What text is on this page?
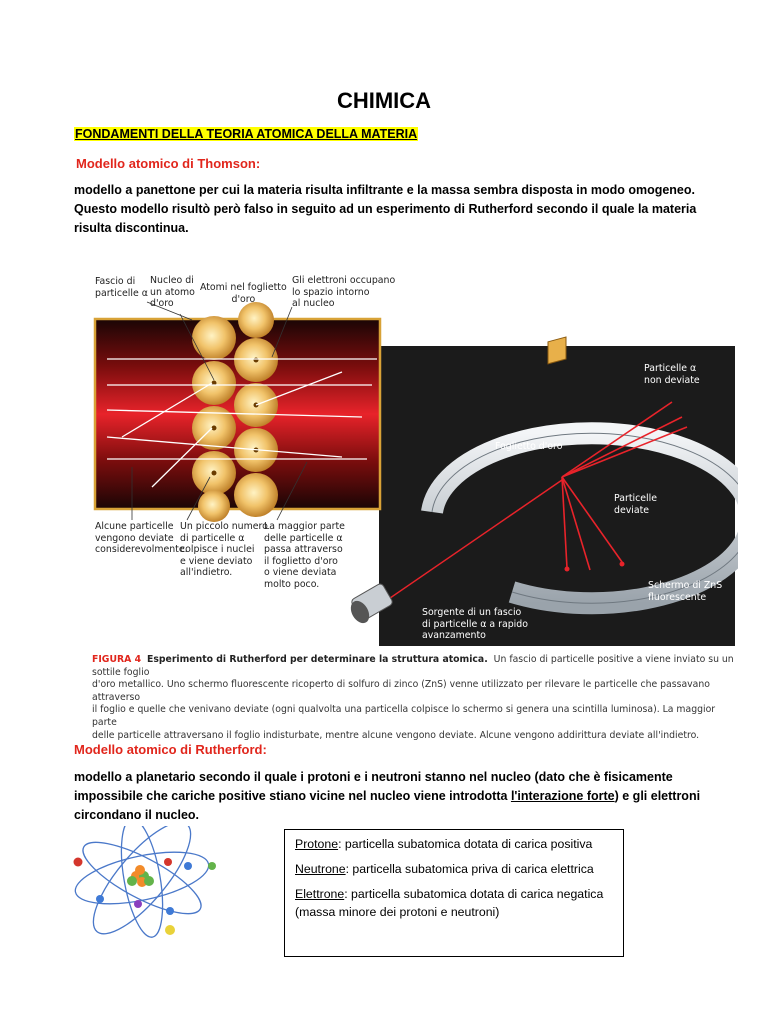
CHIMICA
FONDAMENTI DELLA TEORIA ATOMICA DELLA MATERIA
Modello atomico di Thomson:
modello a panettone per cui la materia risulta infiltrante e la massa sembra disposta in modo omogeneo.
Questo modello risultò però falso in seguito ad un esperimento di Rutherford secondo il quale la materia
risulta discontinua.
Fascio di
particelle α
Nucleo di
un atomo
d'oro
Atomi nel foglietto
d'oro
Gli elettroni occupano
lo spazio intorno
al nucleo
Alcune particelle
vengono deviate
considerevolmente.
Un piccolo numero
di particelle α
colpisce i nuclei
e viene deviato
all'indietro.
La maggior parte
delle particelle α
passa attraverso
il foglietto d'oro
o viene deviata
molto poco.
Particelle α
non deviate
Foglietto d'oro
Particelle
deviate
Schermo di ZnS
fluorescente
Sorgente di un fascio
di particelle α a rapido
avanzamento
FIGURA 4 Esperimento di Rutherford per determinare la struttura atomica. Un fascio di particelle positive a viene inviato su un sottile foglio
d'oro metallico. Uno schermo fluorescente ricoperto di solfuro di zinco (ZnS) venne utilizzato per rilevare le particelle che passavano attraverso
il foglio e quelle che venivano deviate (ogni qualvolta una particella colpisce lo schermo si genera una scintilla luminosa). La maggior parte
delle particelle attraversano il foglio indisturbate, mentre alcune vengono deviate. Alcune vengono addirittura deviate all'indietro.
Modello atomico di Rutherford:
modello a planetario secondo il quale i protoni e i neutroni stanno nel nucleo (dato che è fisicamente
impossibile che cariche positive stiano vicine nel nucleo viene introdotta l'interazione forte) e gli elettroni
circondano il nucleo.
Protone: particella subatomica dotata di carica positiva
Neutrone: particella subatomica priva di carica elettrica
Elettrone: particella subatomica dotata di carica negatica (massa minore dei protoni e neutroni)
